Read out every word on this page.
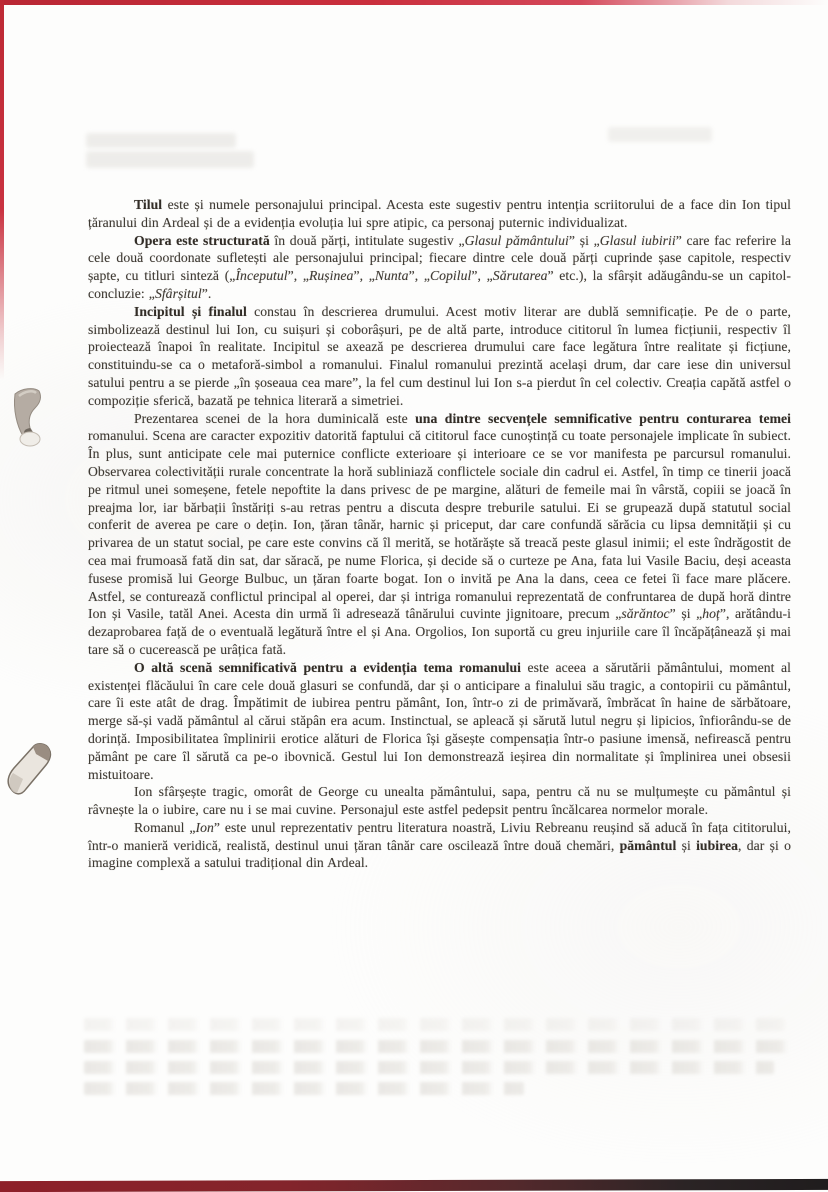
Tilul este și numele personajului principal. Acesta este sugestiv pentru intenția scriitorului de a face din Ion tipul țăranului din Ardeal și de a evidenția evoluția lui spre atipic, ca personaj puternic individualizat.

Opera este structurată în două părți, intitulate sugestiv „Glasul pământului” și „Glasul iubirii” care fac referire la cele două coordonate sufletești ale personajului principal; fiecare dintre cele două părți cuprinde șase capitole, respectiv șapte, cu titluri sinteză („Începutul”, „Rușinea”, „Nunta”, „Copilul”, „Sărutarea” etc.), la sfârșit adăugându-se un capitol-concluzie: „Sfârșitul”.

Incipitul și finalul constau în descrierea drumului. Acest motiv literar are dublă semnificație. Pe de o parte, simbolizează destinul lui Ion, cu suișuri și coborâșuri, pe de altă parte, introduce cititorul în lumea ficțiunii, respectiv îl proiectează înapoi în realitate. Incipitul se axează pe descrierea drumului care face legătura între realitate și ficțiune, constituindu-se ca o metaforă-simbol a romanului. Finalul romanului prezintă același drum, dar care iese din universul satului pentru a se pierde „în șoseaua cea mare”, la fel cum destinul lui Ion s-a pierdut în cel colectiv. Creația capătă astfel o compoziție sferică, bazată pe tehnica literară a simetriei.

Prezentarea scenei de la hora duminicală este una dintre secvențele semnificative pentru conturarea temei romanului. Scena are caracter expozitiv datorită faptului că cititorul face cunoștință cu toate personajele implicate în subiect. În plus, sunt anticipate cele mai puternice conflicte exterioare și interioare ce se vor manifesta pe parcursul romanului. Observarea colectivității rurale concentrate la horă subliniază conflictele sociale din cadrul ei. Astfel, în timp ce tinerii joacă pe ritmul unei someșene, fetele nepoftite la dans privesc de pe margine, alături de femeile mai în vârstă, copiii se joacă în preajma lor, iar bărbații înstăriți s-au retras pentru a discuta despre treburile satului. Ei se grupează după statutul social conferit de averea pe care o dețin. Ion, țăran tânăr, harnic și priceput, dar care confundă sărăcia cu lipsa demnității și cu privarea de un statut social, pe care este convins că îl merită, se hotărăște să treacă peste glasul inimii; el este îndrăgostit de cea mai frumoasă fată din sat, dar săracă, pe nume Florica, și decide să o curteze pe Ana, fata lui Vasile Baciu, deși aceasta fusese promisă lui George Bulbuc, un țăran foarte bogat. Ion o invită pe Ana la dans, ceea ce fetei îi face mare plăcere. Astfel, se conturează conflictul principal al operei, dar și intriga romanului reprezentată de confruntarea de după horă dintre Ion și Vasile, tatăl Anei. Acesta din urmă îi adresează tânărului cuvinte jignitoare, precum „sărăntoc” și „hoț”, arătându-i dezaprobarea față de o eventuală legătură între el și Ana. Orgolios, Ion suportă cu greu injuriile care îl încăpățânează și mai tare să o cucerească pe urâțica fată.

O altă scenă semnificativă pentru a evidenția tema romanului este aceea a sărutării pământului, moment al existenței flăcăului în care cele două glasuri se confundă, dar și o anticipare a finalului său tragic, a contopirii cu pământul, care îi este atât de drag. Împătimit de iubirea pentru pământ, Ion, într-o zi de primăvară, îmbrăcat în haine de sărbătoare, merge să-și vadă pământul al cărui stăpân era acum. Instinctual, se apleacă și sărută lutul negru și lipicios, înfiorându-se de dorință. Imposibilitatea împlinirii erotice alături de Florica își găsește compensația într-o pasiune imensă, nefirească pentru pământ pe care îl sărută ca pe-o ibovnică. Gestul lui Ion demonstrează ieșirea din normalitate și împlinirea unei obsesii mistuitoare.

Ion sfârșește tragic, omorât de George cu unealta pământului, sapa, pentru că nu se mulțumește cu pământul și râvnește la o iubire, care nu i se mai cuvine. Personajul este astfel pedepsit pentru încălcarea normelor morale.

Romanul „Ion” este unul reprezentativ pentru literatura noastră, Liviu Rebreanu reușind să aducă în fața cititorului, într-o manieră veridică, realistă, destinul unui țăran tânăr care oscilează între două chemări, pământul și iubirea, dar și o imagine complexă a satului tradițional din Ardeal.
